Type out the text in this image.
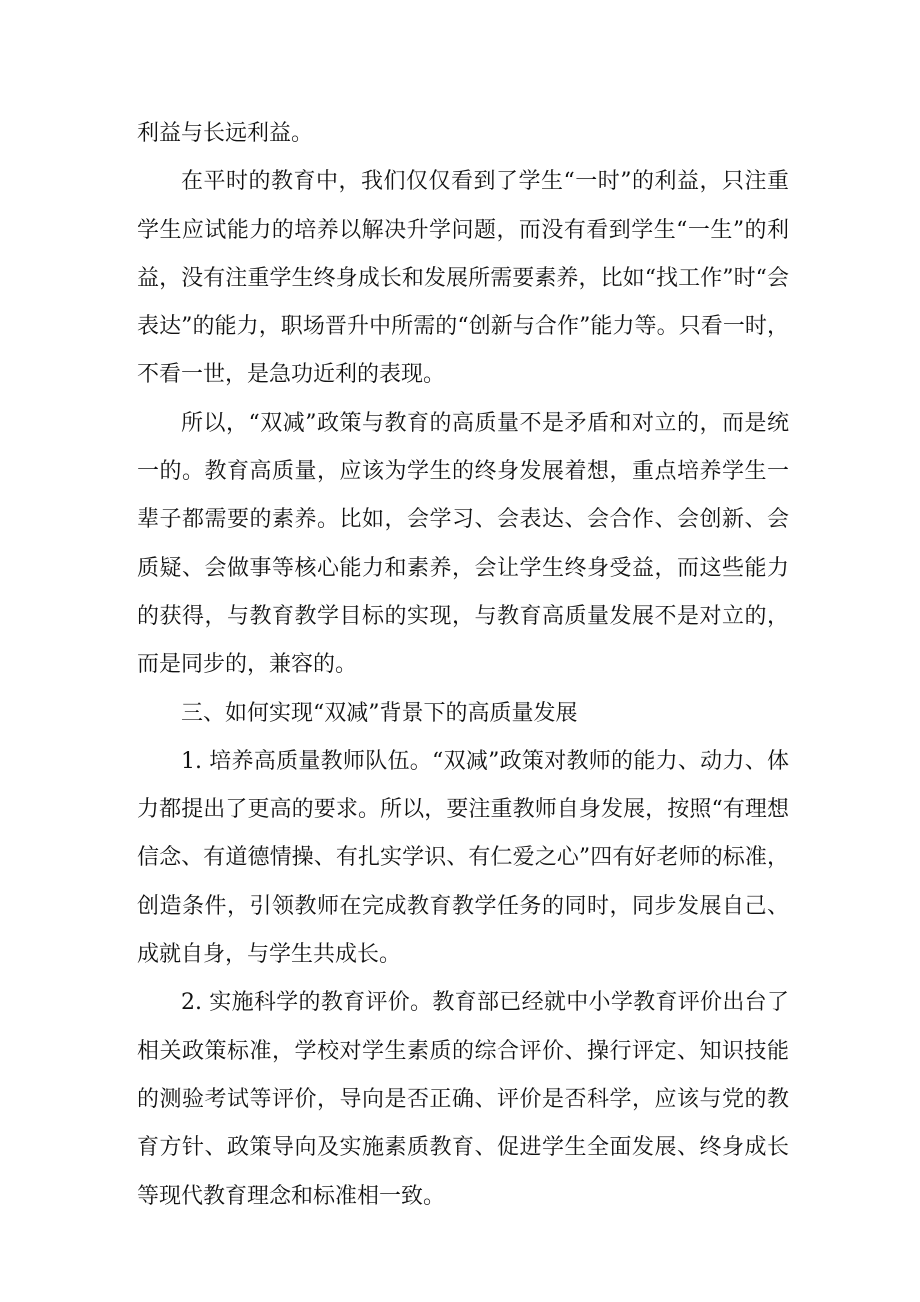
利益与长远利益。

在平时的教育中，我们仅仅看到了学生“一时”的利益，只注重学生应试能力的培养以解决升学问题，而没有看到学生“一生”的利益，没有注重学生终身成长和发展所需要素养，比如“找工作”时“会表达”的能力，职场晋升中所需的“创新与合作”能力等。只看一时，不看一世，是急功近利的表现。

所以，“双减”政策与教育的高质量不是矛盾和对立的，而是统一的。教育高质量，应该为学生的终身发展着想，重点培养学生一辈子都需要的素养。比如，会学习、会表达、会合作、会创新、会质疑、会做事等核心能力和素养，会让学生终身受益，而这些能力的获得，与教育教学目标的实现，与教育高质量发展不是对立的，而是同步的，兼容的。

三、如何实现“双减”背景下的高质量发展

1. 培养高质量教师队伍。“双减”政策对教师的能力、动力、体力都提出了更高的要求。所以，要注重教师自身发展，按照“有理想信念、有道德情操、有扎实学识、有仁爱之心”四有好老师的标准，创造条件，引领教师在完成教育教学任务的同时，同步发展自己、成就自身，与学生共成长。

2. 实施科学的教育评价。教育部已经就中小学教育评价出台了相关政策标准，学校对学生素质的综合评价、操行评定、知识技能的测验考试等评价，导向是否正确、评价是否科学，应该与党的教育方针、政策导向及实施素质教育、促进学生全面发展、终身成长等现代教育理念和标准相一致。
